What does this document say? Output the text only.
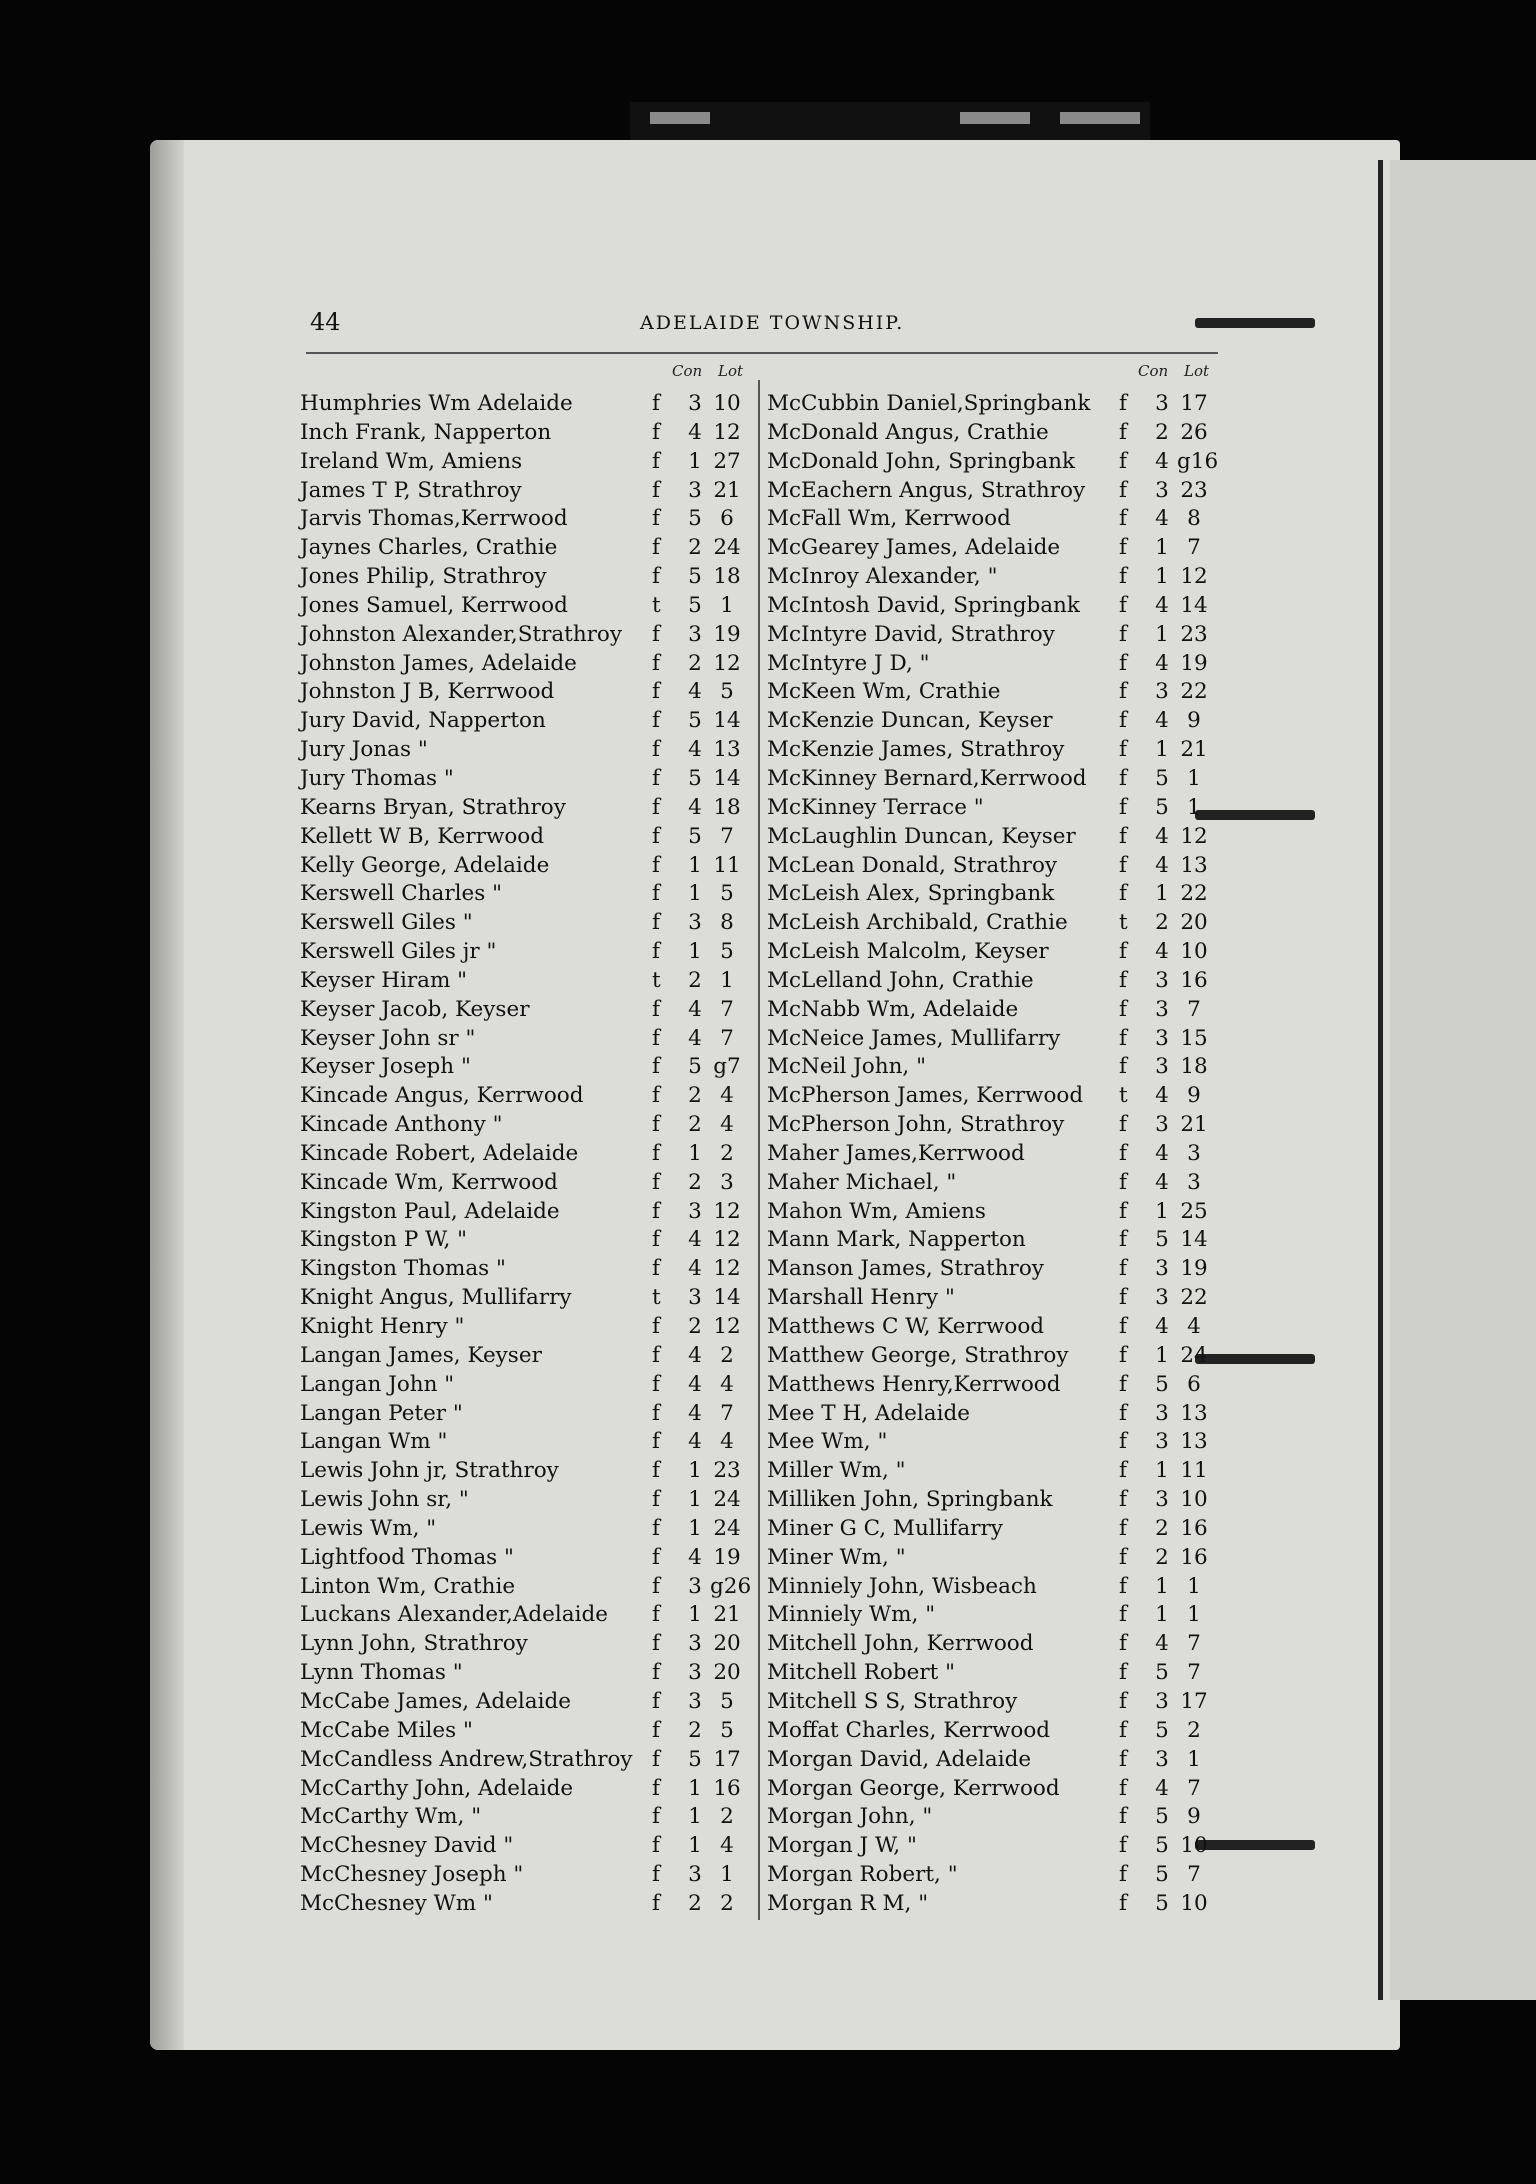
44	ADELAIDE TOWNSHIP.
Con Lot	Con Lot
Humphries Wm Adelaide	f 3 10
Inch Frank, Napperton	f 4 12
Ireland Wm, Amiens	f 1 27
James T P, Strathroy	f 3 21
Jarvis Thomas,Kerrwood	f 5 6
Jaynes Charles, Crathie	f 2 24
Jones Philip, Strathroy	f 5 18
Jones Samuel, Kerrwood	t 5 1
Johnston Alexander,Strathroy f 3 19
Johnston James, Adelaide	f 2 12
Johnston J B, Kerrwood	f 4 5
Jury David, Napperton	f 5 14
Jury Jonas "	f 4 13
Jury Thomas "	f 5 14
Kearns Bryan, Strathroy	f 4 18
Kellett W B, Kerrwood	f 5 7
Kelly George, Adelaide	f 1 11
Kerswell Charles "	f 1 5
Kerswell Giles "	f 3 8
Kerswell Giles jr "	f 1 5
Keyser Hiram "	t 2 1
Keyser Jacob, Keyser	f 4 7
Keyser John sr "	f 4 7
Keyser Joseph "	f 5 g7
Kincade Angus, Kerrwood	f 2 4
Kincade Anthony "	f 2 4
Kincade Robert, Adelaide	f 1 2
Kincade Wm, Kerrwood	f 2 3
Kingston Paul, Adelaide	f 3 12
Kingston P W, "	f 4 12
Kingston Thomas "	f 4 12
Knight Angus, Mullifarry	t 3 14
Knight Henry "	f 2 12
Langan James, Keyser	f 4 2
Langan John "	f 4 4
Langan Peter "	f 4 7
Langan Wm "	f 4 4
Lewis John jr, Strathroy	f 1 23
Lewis John sr, "	f 1 24
Lewis Wm, "	f 1 24
Lightfood Thomas "	f 4 19
Linton Wm, Crathie	f 3 g26
Luckans Alexander,Adelaide f 1 21
Lynn John, Strathroy	f 3 20
Lynn Thomas "	f 3 20
McCabe James, Adelaide	f 3 5
McCabe Miles "	f 2 5
McCandless Andrew,Strathroy f 5 17
McCarthy John, Adelaide	f 1 16
McCarthy Wm, "	f 1 2
McChesney David "	f 1 4
McChesney Joseph "	f 3 1
McChesney Wm "	f 2 2
McCubbin Daniel,Springbank f 3 17
McDonald Angus, Crathie	f 2 26
McDonald John, Springbank f 4 g16
McEachern Angus, Strathroy f 3 23
McFall Wm, Kerrwood	f 4 8
McGearey James, Adelaide	f 1 7
McInroy Alexander, "	f 1 12
McIntosh David, Springbank f 4 14
McIntyre David, Strathroy	f 1 23
McIntyre J D, "	f 4 19
McKeen Wm, Crathie	f 3 22
McKenzie Duncan, Keyser	f 4 9
McKenzie James, Strathroy	f 1 21
McKinney Bernard,Kerrwood f 5 1
McKinney Terrace "	f 5 1
McLaughlin Duncan, Keyser f 4 12
McLean Donald, Strathroy	f 4 13
McLeish Alex, Springbank	f 1 22
McLeish Archibald, Crathie t 2 20
McLeish Malcolm, Keyser	f 4 10
McLelland John, Crathie	f 3 16
McNabb Wm, Adelaide	f 3 7
McNeice James, Mullifarry	f 3 15
McNeil John, "	f 3 18
McPherson James, Kerrwood t 4 9
McPherson John, Strathroy	f 3 21
Maher James,Kerrwood	f 4 3
Maher Michael, "	f 4 3
Mahon Wm, Amiens	f 1 25
Mann Mark, Napperton	f 5 14
Manson James, Strathroy	f 3 19
Marshall Henry "	f 3 22
Matthews C W, Kerrwood	f 4 4
Matthew George, Strathroy f 1 24
Matthews Henry,Kerrwood	f 5 6
Mee T H, Adelaide	f 3 13
Mee Wm, "	f 3 13
Miller Wm, "	f 1 11
Milliken John, Springbank	f 3 10
Miner G C, Mullifarry	f 2 16
Miner Wm, "	f 2 16
Minniely John, Wisbeach	f 1 1
Minniely Wm, "	f 1 1
Mitchell John, Kerrwood	f 4 7
Mitchell Robert "	f 5 7
Mitchell S S, Strathroy	f 3 17
Moffat Charles, Kerrwood	f 5 2
Morgan David, Adelaide	f 3 1
Morgan George, Kerrwood	f 4 7
Morgan John, "	f 5 9
Morgan J W, "	f 5 10
Morgan Robert, "	f 5 7
Morgan R M, "	f 5 10
